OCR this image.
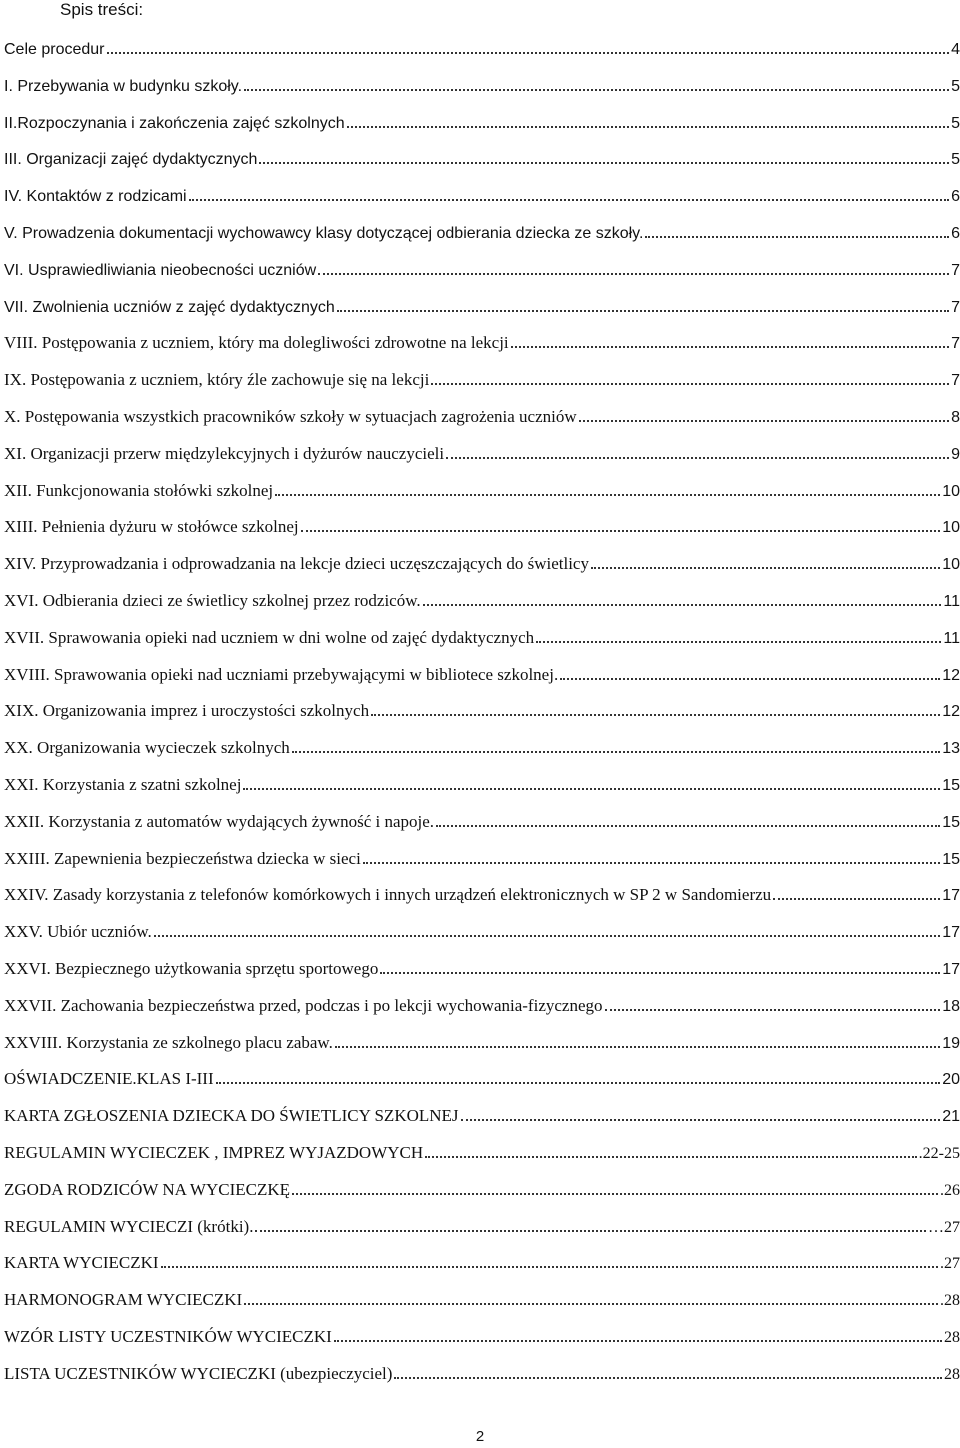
Spis treści:
Cele procedur	4
I. Przebywania w budynku szkoły.	5
II.Rozpoczynania i zakończenia zajęć szkolnych	5
III. Organizacji zajęć dydaktycznych	5
IV. Kontaktów z rodzicami	6
V. Prowadzenia dokumentacji wychowawcy klasy dotyczącej odbierania dziecka ze szkoły.	6
VI. Usprawiedliwiania nieobecności uczniów	7
VII. Zwolnienia uczniów z zajęć dydaktycznych	7
VIII. Postępowania z uczniem, który ma dolegliwości zdrowotne na lekcji	7
IX. Postępowania z uczniem, który źle zachowuje się na lekcji	7
X. Postępowania wszystkich pracowników szkoły w sytuacjach zagrożenia uczniów	8
XI. Organizacji przerw międzylekcyjnych i dyżurów nauczycieli	9
XII. Funkcjonowania stołówki szkolnej	10
XIII. Pełnienia dyżuru w stołówce szkolnej	10
XIV. Przyprowadzania i odprowadzania na lekcje dzieci uczęszczających do świetlicy	10
XVI. Odbierania dzieci ze świetlicy szkolnej przez rodziców.	11
XVII. Sprawowania opieki nad uczniem w dni wolne od zajęć dydaktycznych	11
XVIII. Sprawowania opieki nad uczniami przebywającymi w bibliotece szkolnej.	12
XIX. Organizowania imprez i uroczystości szkolnych	12
XX. Organizowania wycieczek szkolnych	13
XXI. Korzystania z szatni szkolnej	15
XXII. Korzystania z automatów wydających żywność i napoje.	15
XXIII. Zapewnienia bezpieczeństwa dziecka w sieci	15
XXIV. Zasady korzystania z telefonów komórkowych i innych urządzeń elektronicznych w SP 2 w Sandomierzu	17
XXV. Ubiór uczniów.	17
XXVI. Bezpiecznego użytkowania sprzętu sportowego	17
XXVII. Zachowania bezpieczeństwa przed, podczas i po lekcji wychowania-fizycznego	18
XXVIII. Korzystania ze szkolnego placu zabaw.	19
OŚWIADCZENIE.KLAS I-III	20
KARTA ZGŁOSZENIA DZIECKA DO ŚWIETLICY SZKOLNEJ	21
REGULAMIN WYCIECZEK , IMPREZ WYJAZDOWYCH	.22-25
ZGODA RODZICÓW NA WYCIECZKĘ	.26
REGULAMIN WYCIECZI (krótki).	…27
KARTA WYCIECZKI	.27
HARMONOGRAM WYCIECZKI	.28
WZÓR LISTY UCZESTNIKÓW WYCIECZKI	28
LISTA UCZESTNIKÓW WYCIECZKI (ubezpieczyciel)	28
2
